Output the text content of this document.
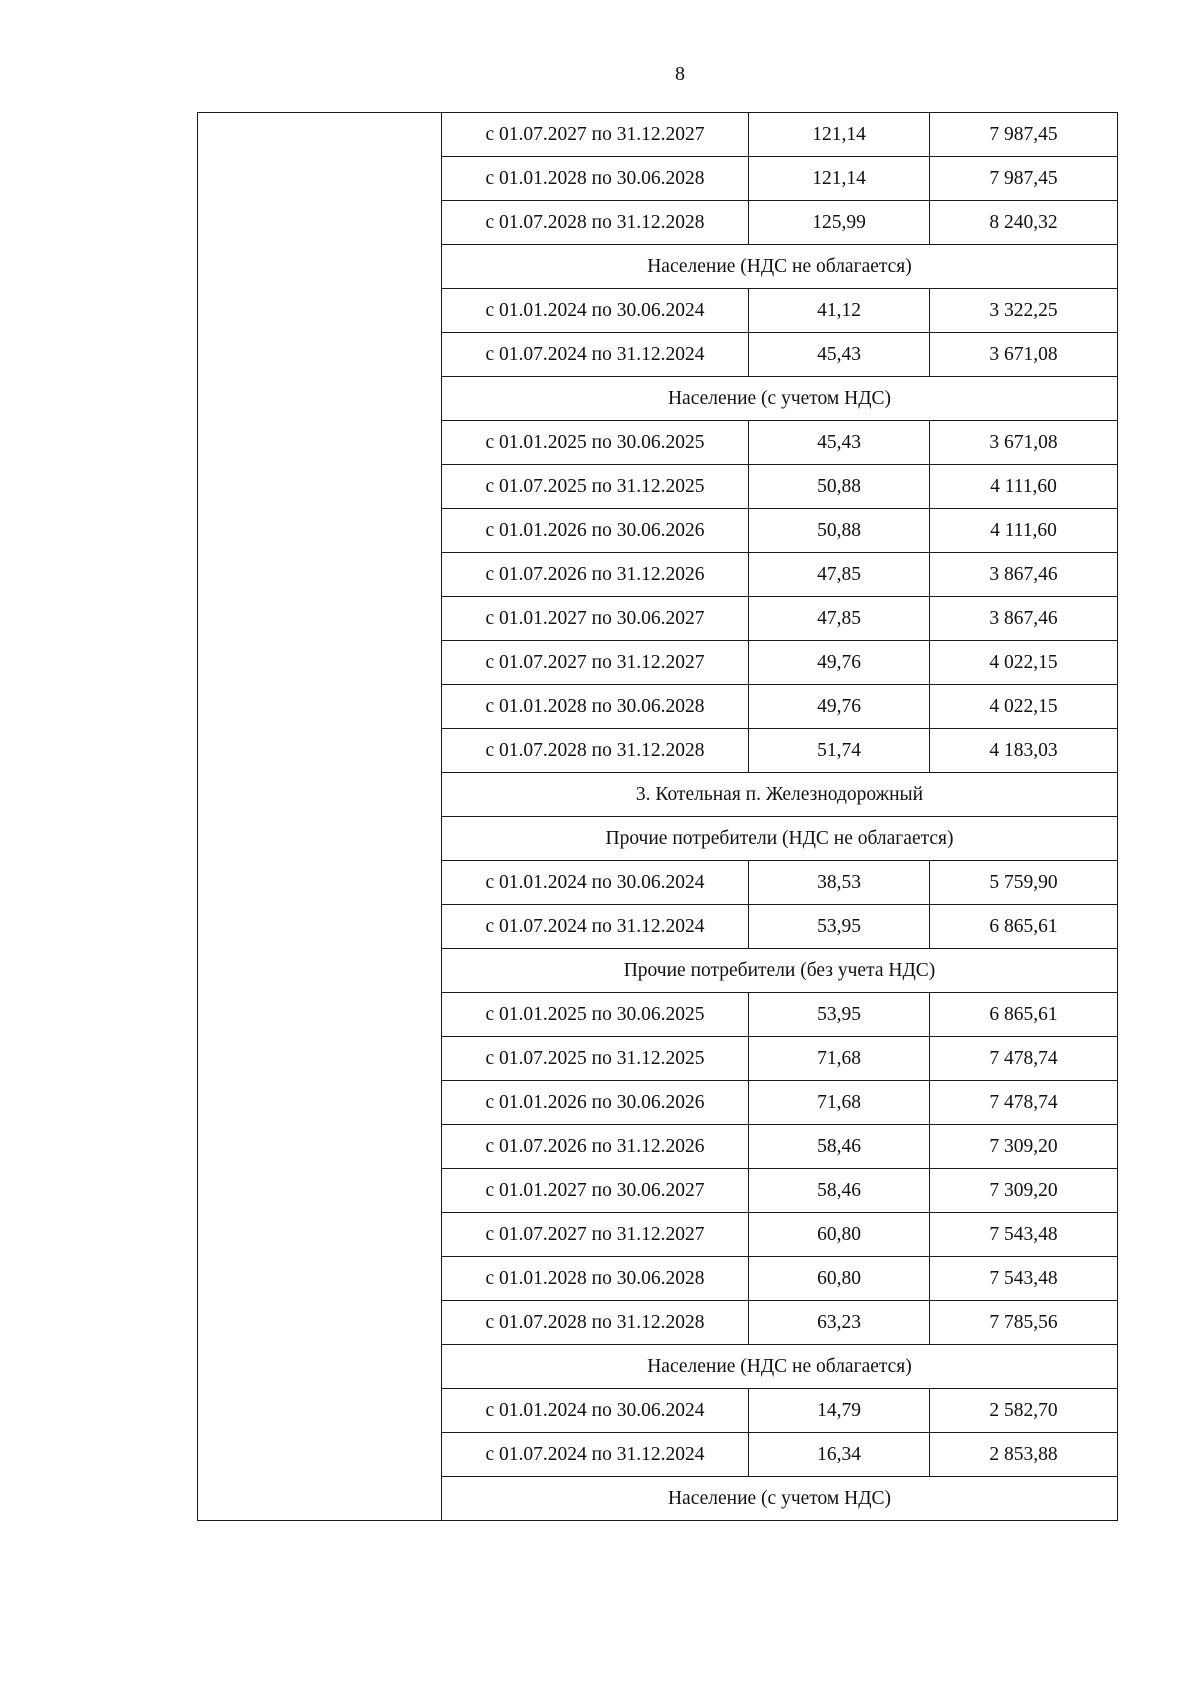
8
	с 01.07.2027 по 31.12.2027	121,14	7 987,45
	с 01.01.2028 по 30.06.2028	121,14	7 987,45
	с 01.07.2028 по 31.12.2028	125,99	8 240,32
	Население (НДС не облагается)		
	с 01.01.2024 по 30.06.2024	41,12	3 322,25
	с 01.07.2024 по 31.12.2024	45,43	3 671,08
	Население (с учетом НДС)		
	с 01.01.2025 по 30.06.2025	45,43	3 671,08
	с 01.07.2025 по 31.12.2025	50,88	4 111,60
	с 01.01.2026 по 30.06.2026	50,88	4 111,60
	с 01.07.2026 по 31.12.2026	47,85	3 867,46
	с 01.01.2027 по 30.06.2027	47,85	3 867,46
	с 01.07.2027 по 31.12.2027	49,76	4 022,15
	с 01.01.2028 по 30.06.2028	49,76	4 022,15
	с 01.07.2028 по 31.12.2028	51,74	4 183,03
	3. Котельная п. Железнодорожный		
	Прочие потребители (НДС не облагается)		
	с 01.01.2024 по 30.06.2024	38,53	5 759,90
	с 01.07.2024 по 31.12.2024	53,95	6 865,61
	Прочие потребители (без учета НДС)		
	с 01.01.2025 по 30.06.2025	53,95	6 865,61
	с 01.07.2025 по 31.12.2025	71,68	7 478,74
	с 01.01.2026 по 30.06.2026	71,68	7 478,74
	с 01.07.2026 по 31.12.2026	58,46	7 309,20
	с 01.01.2027 по 30.06.2027	58,46	7 309,20
	с 01.07.2027 по 31.12.2027	60,80	7 543,48
	с 01.01.2028 по 30.06.2028	60,80	7 543,48
	с 01.07.2028 по 31.12.2028	63,23	7 785,56
	Население (НДС не облагается)		
	с 01.01.2024 по 30.06.2024	14,79	2 582,70
	с 01.07.2024 по 31.12.2024	16,34	2 853,88
	Население (с учетом НДС)		
